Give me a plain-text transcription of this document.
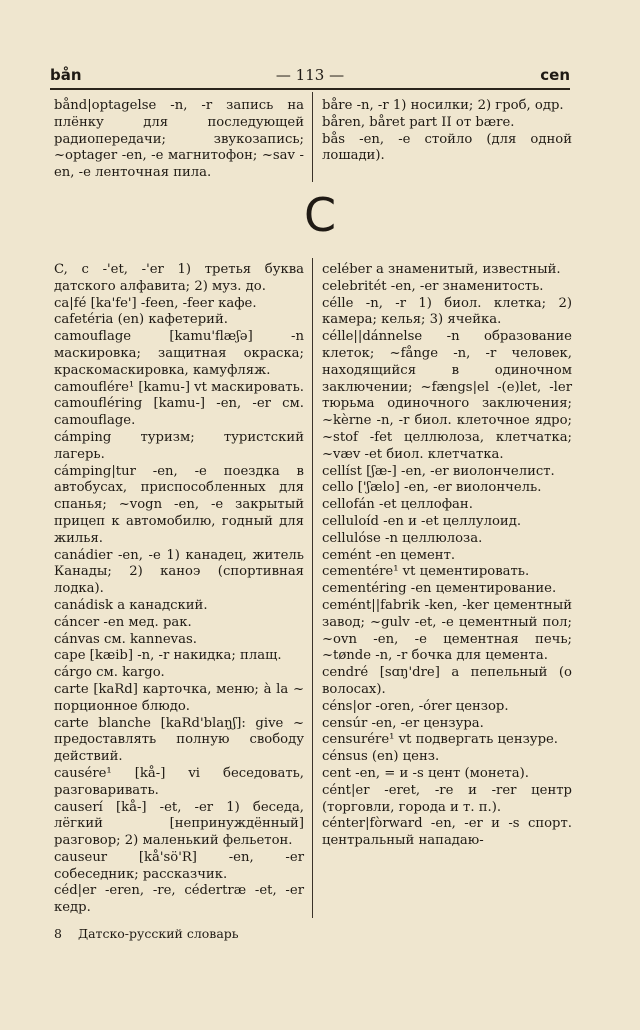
bån	— 113 —	cen

bånd|optagelse -n, -r запись на плёнку для последующей радиопередачи; звукозапись; ~optager -en, -e магнитофон; ~sav -en, -e ленточная пила.

båre -n, -r 1) носилки; 2) гроб, одр.

båren, båret part II от bære.

bås -en, -e стойло (для одной лошади).

C

C, c -'et, -'er 1) третья буква датского алфавита; 2) муз. до.

ca|fé [ka'fe'] -feen, -feer кафе.

cafetéria (en) кафетерий.

camouflage [kamu'flæʃə] -n маскировка; защитная окраска; краскомаскировка, камуфляж.

camouflére¹ [kamu-] vt маскировать.

camoufléring [kamu-] -en, -er см. camouflage.

cámping туризм; туристский лагерь.

cámping|tur -en, -e поездка в автобусах, приспособленных для спанья; ~vogn -en, -e закрытый прицеп к автомобилю, годный для жилья.

canádier -en, -e 1) канадец, житель Канады; 2) каноэ (спортивная лодка).

canádisk a канадский.

cáncer -en мед. рак.

cánvas см. kannevas.

cape [kæib] -n, -r накидка; плащ.

cárgo см. kargo.

carte [kaRd] карточка, меню; à la ~ порционное блюдо.

carte blanche [kaRd'blaŋʃ]: give ~ предоставлять полную свободу действий.

causére¹ [kå-] vi беседовать, разговаривать.

causerí [kå-] -et, -er 1) беседа, лёгкий [непринуждённый] разговор; 2) маленький фельетон.

causeur [kå'sö'R] -en, -er собеседник; рассказчик.

céd|er -eren, -re, cédertræ -et, -er кедр.

celéber a знаменитый, известный.

celebritét -en, -er знаменитость.

célle -n, -r 1) биол. клетка; 2) камера; келья; 3) ячейка.

célle||dánnelse -n образование клеток; ~fånge -n, -r человек, находящийся в одиночном заключении; ~fængs|el -(e)let, -ler тюрьма одиночного заключения; ~kèrne -n, -r биол. клеточное ядро; ~stof -fet целлюлоза, клетчатка; ~væv -et биол. клетчатка.

cellíst [ʃæ-] -en, -er виолончелист.

cello ['ʃælo] -en, -er виолончель.

cellofán -et целлофан.

celluloíd -en и -et целлулоид.

cellulóse -n целлюлоза.

cemént -en цемент.

cementére¹ vt цементировать.

cementéring -en цементирование.

cemént||fabrik -ken, -ker цементный завод; ~gulv -et, -e цементный пол; ~ovn -en, -e цементная печь; ~tønde -n, -r бочка для цемента.

cendré [sɑŋ'dre] a пепельный (о волосах).

céns|or -oren, -órer цензор.

censúr -en, -er цензура.

censurére¹ vt подвергать цензуре.

cénsus (en) ценз.

cent -en, = и -s цент (монета).

cént|er -eret, -re и -rer центр (торговли, города и т. п.).

cénter|fòrward -en, -er и -s спорт. центральный нападаю-

8 Датско-русский словарь
